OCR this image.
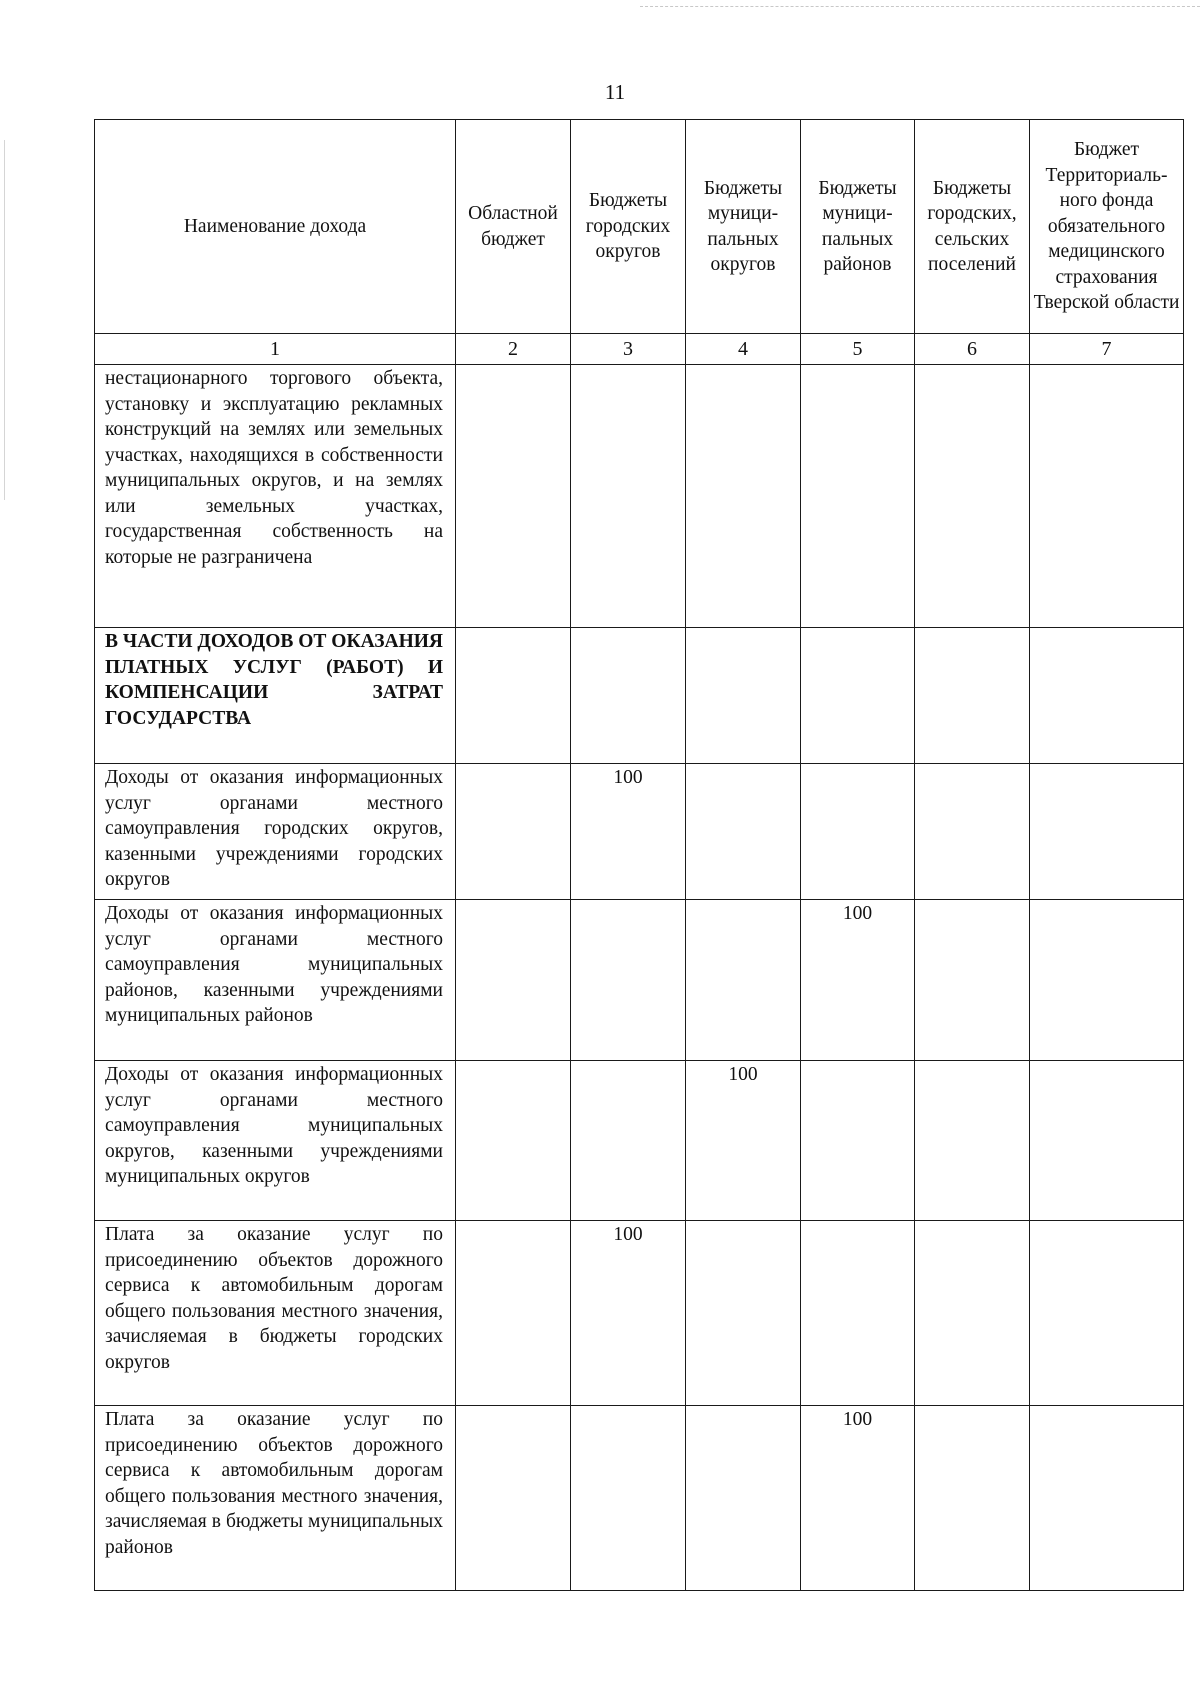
11
Наименование дохода	Областной бюджет	Бюджеты городских округов	Бюджеты муници-пальных округов	Бюджеты муници-пальных районов	Бюджеты городских, сельских поселений	Бюджет Территориаль-ного фонда обязательного медицинского страхования Тверской области
1	2	3	4	5	6	7
нестационарного торгового объекта, установку и эксплуатацию рекламных конструкций на землях или земельных участках, находящихся в собственности муниципальных округов, и на землях или земельных участках, государственная собственность на которые не разграничена						
В ЧАСТИ ДОХОДОВ ОТ ОКАЗАНИЯ ПЛАТНЫХ УСЛУГ (РАБОТ) И КОМПЕНСАЦИИ ЗАТРАТ ГОСУДАРСТВА						
Доходы от оказания информационных услуг органами местного самоуправления городских округов, казенными учреждениями городских округов		100				
Доходы от оказания информационных услуг органами местного самоуправления муниципальных районов, казенными учреждениями муниципальных районов				100		
Доходы от оказания информационных услуг органами местного самоуправления муниципальных округов, казенными учреждениями муниципальных округов			100			
Плата за оказание услуг по присоединению объектов дорожного сервиса к автомобильным дорогам общего пользования местного значения, зачисляемая в бюджеты городских округов		100				
Плата за оказание услуг по присоединению объектов дорожного сервиса к автомобильным дорогам общего пользования местного значения, зачисляемая в бюджеты муниципальных районов				100		
